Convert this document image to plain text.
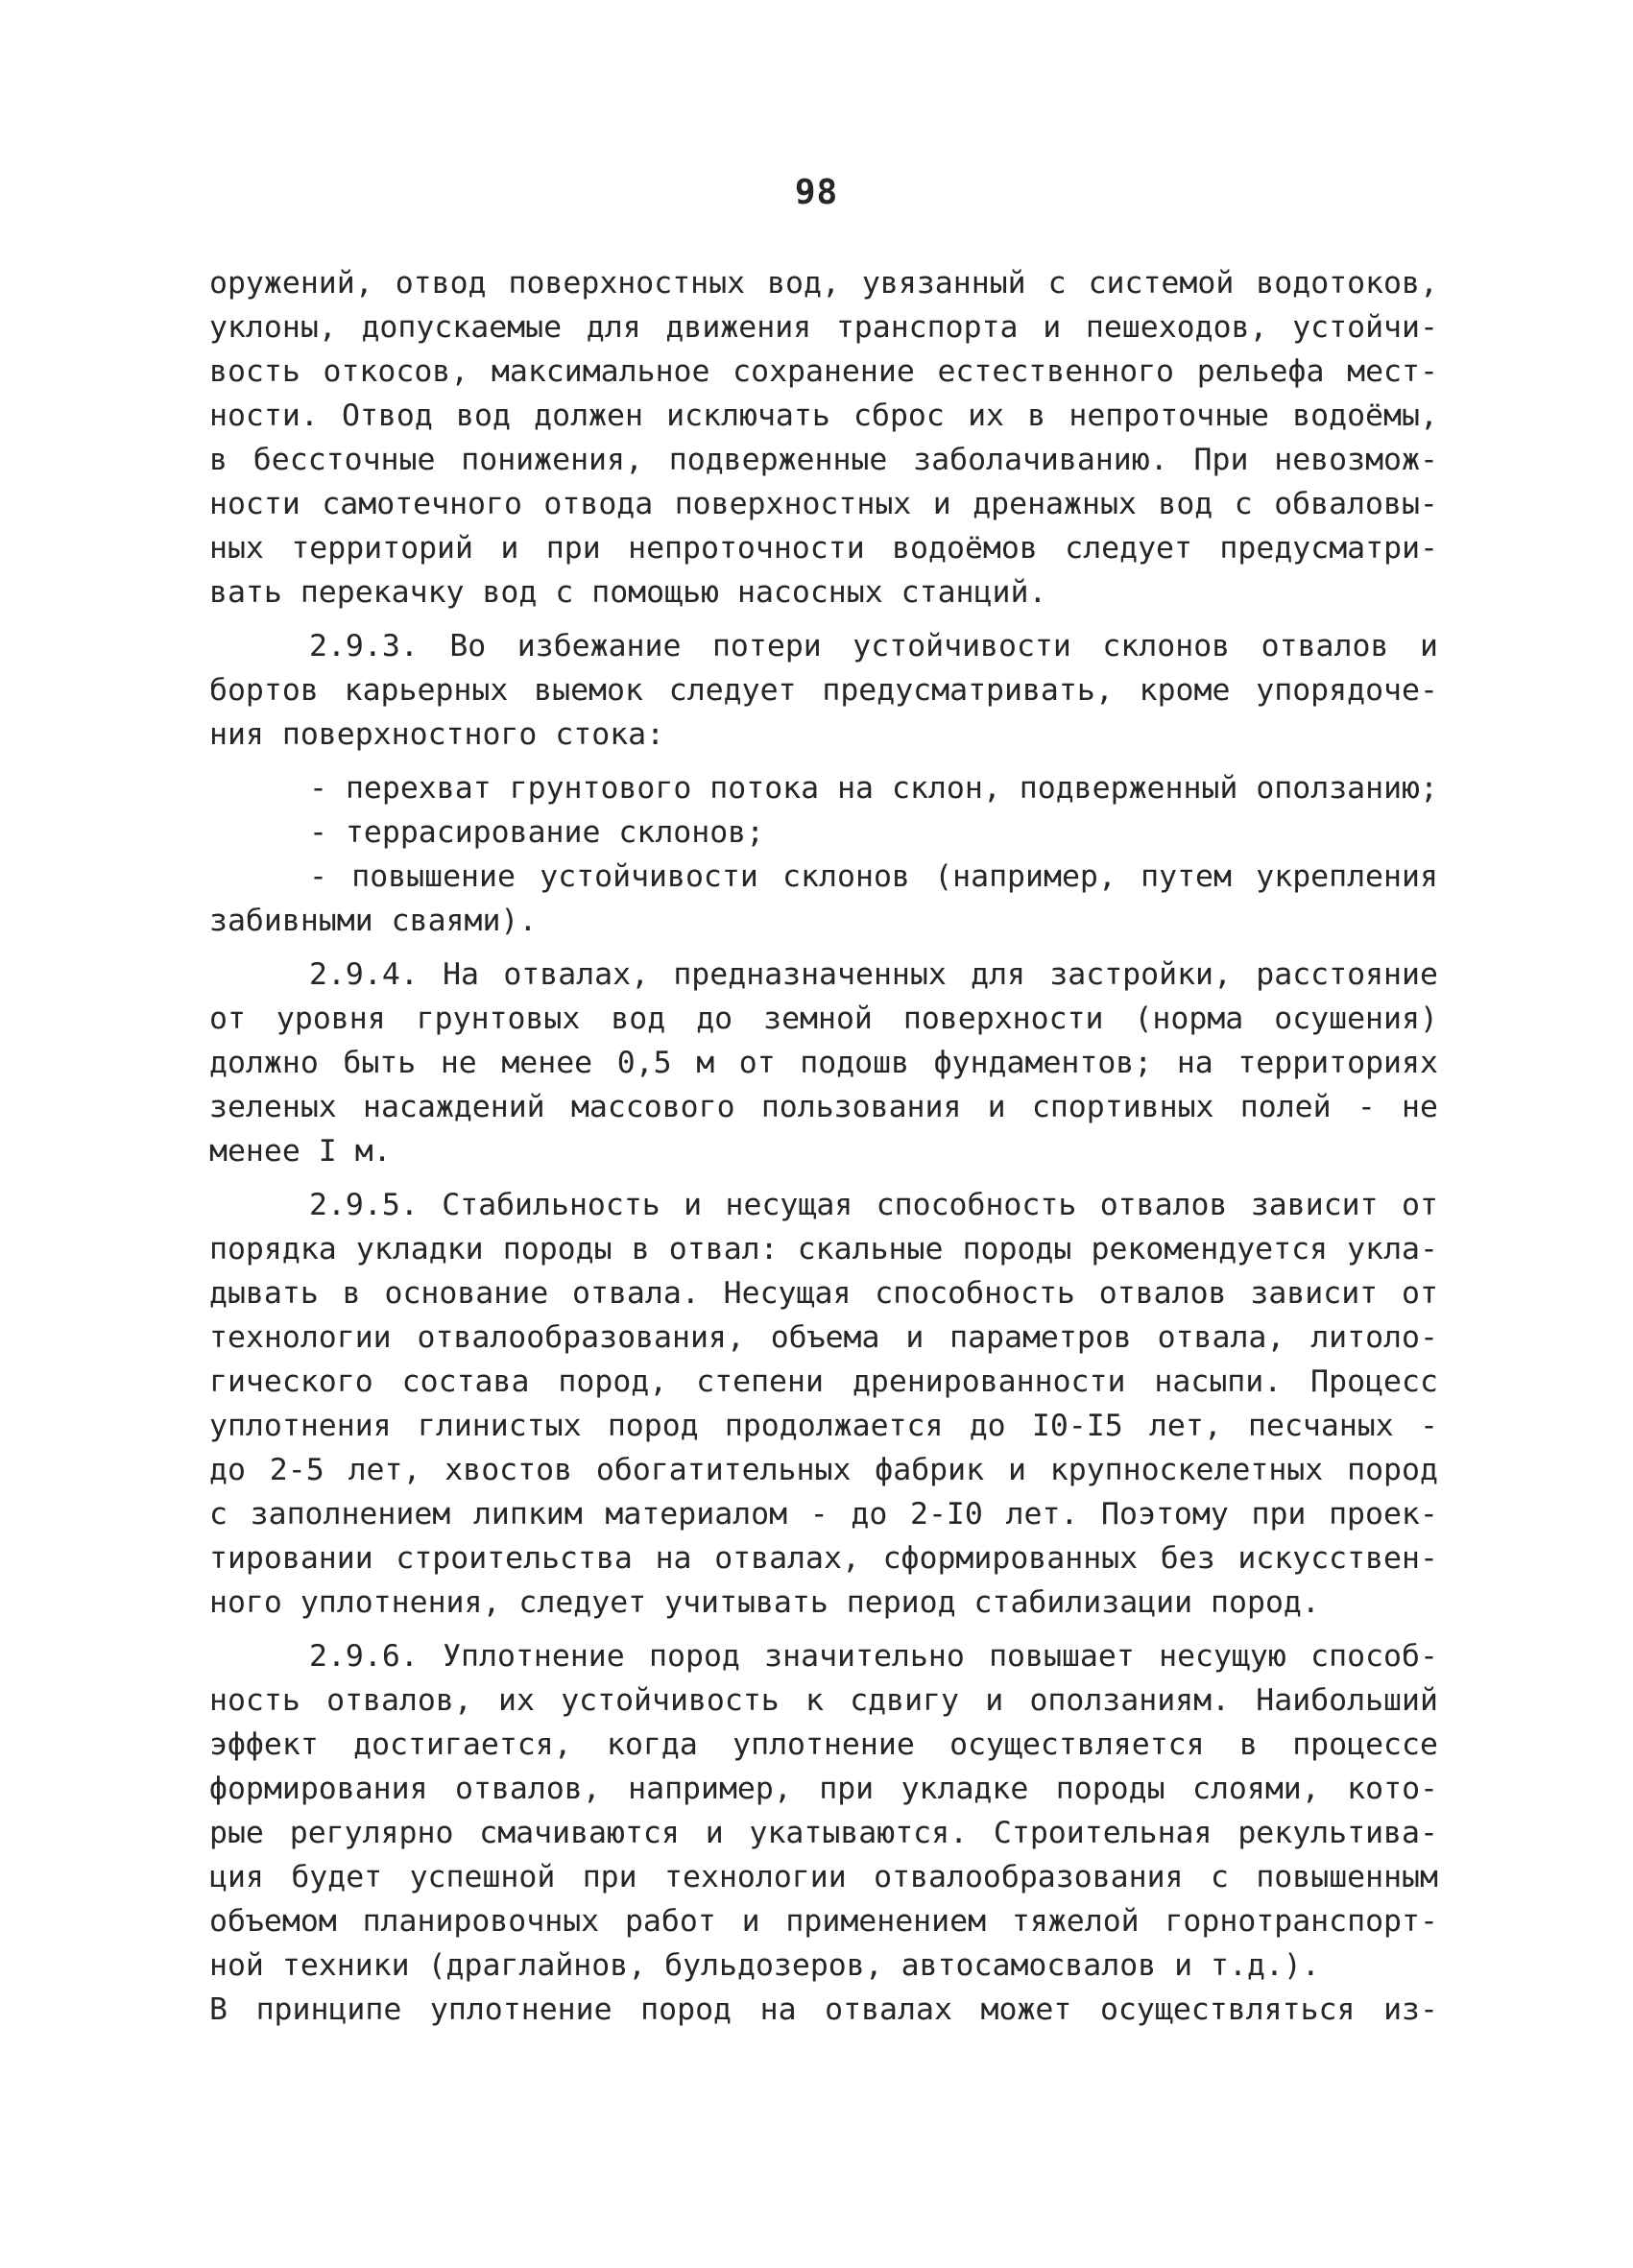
98
оружений, отвод поверхностных вод, увязанный с системой водотоков,
уклоны, допускаемые для движения транспорта и пешеходов, устойчи-
вость откосов, максимальное сохранение естественного рельефа мест-
ности. Отвод вод должен исключать сброс их в непроточные водоёмы,
в бессточные понижения, подверженные заболачиванию. При невозмож-
ности самотечного отвода поверхностных и дренажных вод с обваловы-
ных территорий и при непроточности водоёмов следует предусматри-
вать перекачку вод с помощью насосных станций.
2.9.3. Во избежание потери устойчивости склонов отвалов и
бортов карьерных выемок следует предусматривать, кроме упорядоче-
ния поверхностного стока:
- перехват грунтового потока на склон, подверженный оползанию;
- террасирование склонов;
- повышение устойчивости склонов (например, путем укрепления
забивными сваями).
2.9.4. На отвалах, предназначенных для застройки, расстояние
от уровня грунтовых вод до земной поверхности (норма осушения)
должно быть не менее 0,5 м от подошв фундаментов; на территориях
зеленых насаждений массового пользования и спортивных полей - не
менее I м.
2.9.5. Стабильность и несущая способность отвалов зависит от
порядка укладки породы в отвал: скальные породы рекомендуется укла-
дывать в основание отвала. Несущая способность отвалов зависит от
технологии отвалообразования, объема и параметров отвала, литоло-
гического состава пород, степени дренированности насыпи. Процесс
уплотнения глинистых пород продолжается до I0-I5 лет, песчаных -
до 2-5 лет, хвостов обогатительных фабрик и крупноскелетных пород
с заполнением липким материалом - до 2-I0 лет. Поэтому при проек-
тировании строительства на отвалах, сформированных без искусствен-
ного уплотнения, следует учитывать период стабилизации пород.
2.9.6. Уплотнение пород значительно повышает несущую способ-
ность отвалов, их устойчивость к сдвигу и оползаниям. Наибольший
эффект достигается, когда уплотнение осуществляется в процессе
формирования отвалов, например, при укладке породы слоями, кото-
рые регулярно смачиваются и укатываются. Строительная рекультива-
ция будет успешной при технологии отвалообразования с повышенным
объемом планировочных работ и применением тяжелой горнотранспорт-
ной техники (драглайнов, бульдозеров, автосамосвалов и т.д.).
В принципе уплотнение пород на отвалах может осуществляться из-
